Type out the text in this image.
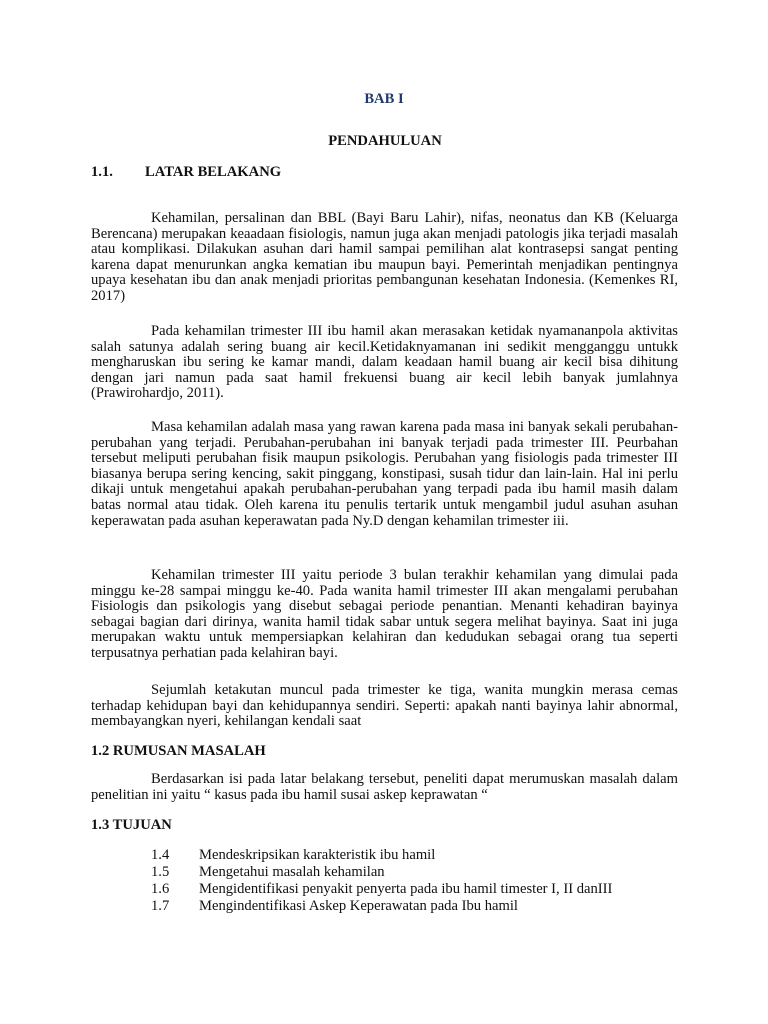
BAB I
PENDAHULUAN
1.1. LATAR BELAKANG

Kehamilan, persalinan dan BBL (Bayi Baru Lahir), nifas, neonatus dan KB (Keluarga Berencana) merupakan keaadaan fisiologis, namun juga akan menjadi patologis jika terjadi masalah atau komplikasi. Dilakukan asuhan dari hamil sampai pemilihan alat kontrasepsi sangat penting karena dapat menurunkan angka kematian ibu maupun bayi. Pemerintah menjadikan pentingnya upaya kesehatan ibu dan anak menjadi prioritas pembangunan kesehatan Indonesia. (Kemenkes RI, 2017)

Pada kehamilan trimester III ibu hamil akan merasakan ketidak nyamananpola aktivitas salah satunya adalah sering buang air kecil.Ketidaknyamanan ini sedikit mengganggu untukk mengharuskan ibu sering ke kamar mandi, dalam keadaan hamil buang air kecil bisa dihitung dengan jari namun pada saat hamil frekuensi buang air kecil lebih banyak jumlahnya (Prawirohardjo, 2011).

Masa kehamilan adalah masa yang rawan karena pada masa ini banyak sekali perubahan-perubahan yang terjadi. Perubahan-perubahan ini banyak terjadi pada trimester III. Peurbahan tersebut meliputi perubahan fisik maupun psikologis. Perubahan yang fisiologis pada trimester III biasanya berupa sering kencing, sakit pinggang, konstipasi, susah tidur dan lain-lain. Hal ini perlu dikaji untuk mengetahui apakah perubahan-perubahan yang terpadi pada ibu hamil masih dalam batas normal atau tidak. Oleh karena itu penulis tertarik untuk mengambil judul asuhan asuhan keperawatan pada asuhan keperawatan pada Ny.D dengan kehamilan trimester iii.

Kehamilan trimester III yaitu periode 3 bulan terakhir kehamilan yang dimulai pada minggu ke-28 sampai minggu ke-40. Pada wanita hamil trimester III akan mengalami perubahan Fisiologis dan psikologis yang disebut sebagai periode penantian. Menanti kehadiran bayinya sebagai bagian dari dirinya, wanita hamil tidak sabar untuk segera melihat bayinya. Saat ini juga merupakan waktu untuk mempersiapkan kelahiran dan kedudukan sebagai orang tua seperti terpusatnya perhatian pada kelahiran bayi.

Sejumlah ketakutan muncul pada trimester ke tiga, wanita mungkin merasa cemas terhadap kehidupan bayi dan kehidupannya sendiri. Seperti: apakah nanti bayinya lahir abnormal, membayangkan nyeri, kehilangan kendali saat

1.2 RUMUSAN MASALAH

Berdasarkan isi pada latar belakang tersebut, peneliti dapat merumuskan masalah dalam penelitian ini yaitu “ kasus pada ibu hamil susai askep keprawatan “

1.3 TUJUAN
1.4 Mendeskripsikan karakteristik ibu hamil
1.5 Mengetahui masalah kehamilan
1.6 Mengidentifikasi penyakit penyerta pada ibu hamil timester I, II danIII
1.7 Mengindentifikasi Askep Keperawatan pada Ibu hamil
